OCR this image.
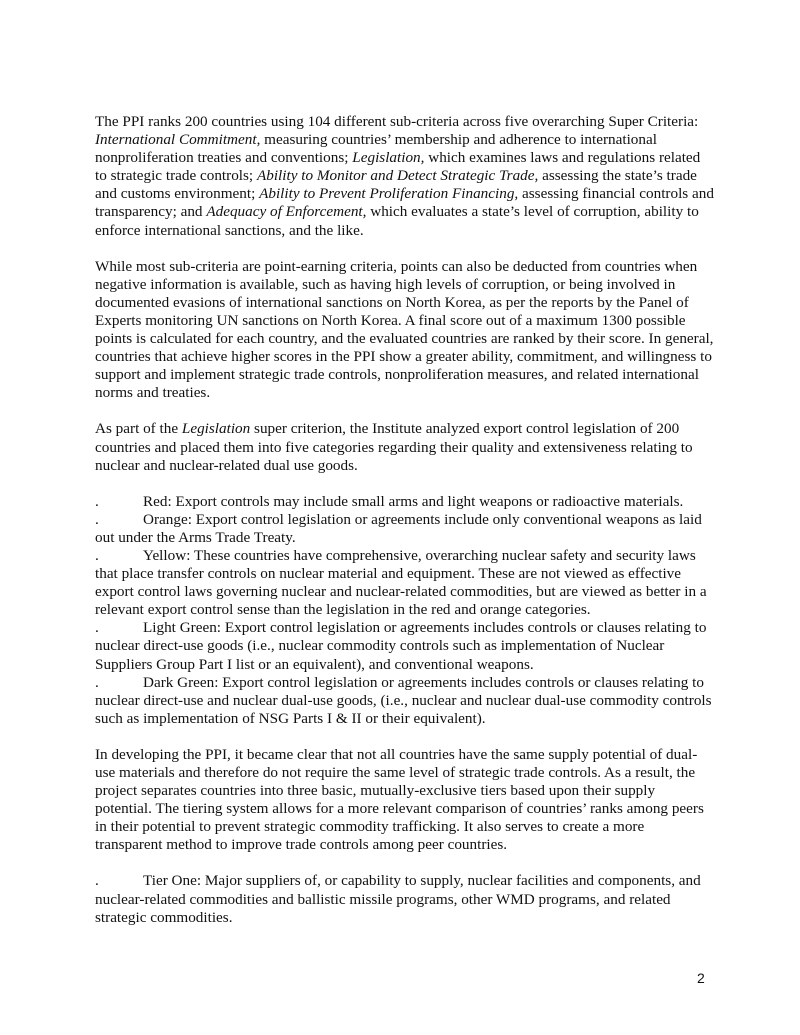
The PPI ranks 200 countries using 104 different sub-criteria across five overarching Super Criteria: International Commitment, measuring countries’ membership and adherence to international nonproliferation treaties and conventions; Legislation, which examines laws and regulations related to strategic trade controls; Ability to Monitor and Detect Strategic Trade, assessing the state’s trade and customs environment; Ability to Prevent Proliferation Financing, assessing financial controls and transparency; and Adequacy of Enforcement, which evaluates a state’s level of corruption, ability to enforce international sanctions, and the like.

While most sub-criteria are point-earning criteria, points can also be deducted from countries when negative information is available, such as having high levels of corruption, or being involved in documented evasions of international sanctions on North Korea, as per the reports by the Panel of Experts monitoring UN sanctions on North Korea. A final score out of a maximum 1300 possible points is calculated for each country, and the evaluated countries are ranked by their score. In general, countries that achieve higher scores in the PPI show a greater ability, commitment, and willingness to support and implement strategic trade controls, nonproliferation measures, and related international norms and treaties.

As part of the Legislation super criterion, the Institute analyzed export control legislation of 200 countries and placed them into five categories regarding their quality and extensiveness relating to nuclear and nuclear-related dual use goods.

.	Red: Export controls may include small arms and light weapons or radioactive materials.
.	Orange: Export control legislation or agreements include only conventional weapons as laid out under the Arms Trade Treaty.
.	Yellow: These countries have comprehensive, overarching nuclear safety and security laws that place transfer controls on nuclear material and equipment. These are not viewed as effective export control laws governing nuclear and nuclear-related commodities, but are viewed as better in a relevant export control sense than the legislation in the red and orange categories.
.	Light Green: Export control legislation or agreements includes controls or clauses relating to nuclear direct-use goods (i.e., nuclear commodity controls such as implementation of Nuclear Suppliers Group Part I list or an equivalent), and conventional weapons.
.	Dark Green: Export control legislation or agreements includes controls or clauses relating to nuclear direct-use and nuclear dual-use goods, (i.e., nuclear and nuclear dual-use commodity controls such as implementation of NSG Parts I & II or their equivalent).

In developing the PPI, it became clear that not all countries have the same supply potential of dual-use materials and therefore do not require the same level of strategic trade controls. As a result, the project separates countries into three basic, mutually-exclusive tiers based upon their supply potential. The tiering system allows for a more relevant comparison of countries’ ranks among peers in their potential to prevent strategic commodity trafficking. It also serves to create a more transparent method to improve trade controls among peer countries.

.	Tier One: Major suppliers of, or capability to supply, nuclear facilities and components, and nuclear-related commodities and ballistic missile programs, other WMD programs, and related strategic commodities.
2
